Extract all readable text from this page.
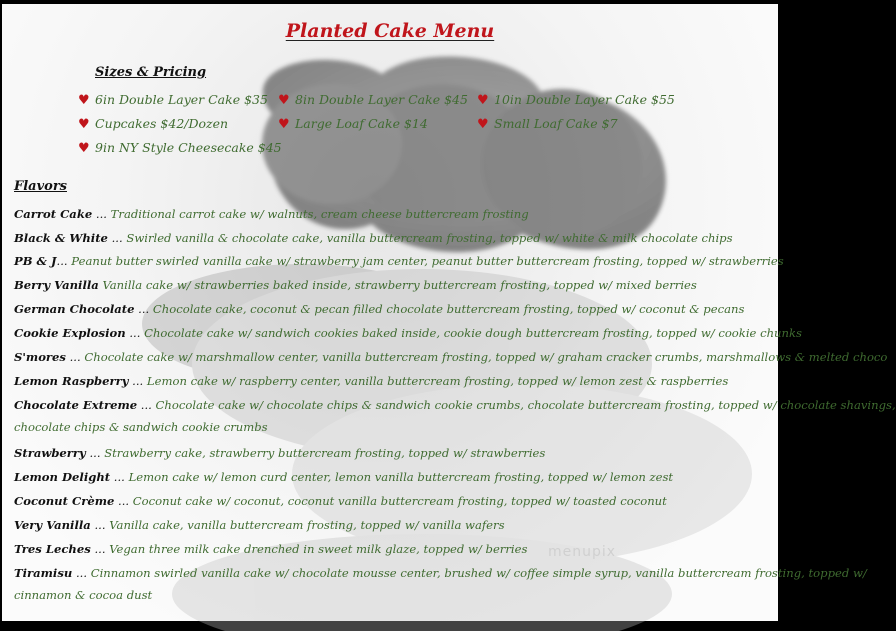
Planted Cake Menu
Sizes & Pricing
♥ 6in Double Layer Cake $35 ♥ 8in Double Layer Cake $45 ♥ 10in Double Layer Cake $55
♥ Cupcakes $42/Dozen	♥ Large Loaf Cake $14	♥ Small Loaf Cake $7
♥ 9in NY Style Cheesecake $45
Flavors
Carrot Cake ... Traditional carrot cake w/ walnuts, cream cheese buttercream frosting
Black & White ... Swirled vanilla & chocolate cake, vanilla buttercream frosting, topped w/ white & milk chocolate chips
PB & J... Peanut butter swirled vanilla cake w/ strawberry jam center, peanut butter buttercream frosting, topped w/ strawberries
Berry Vanilla Vanilla cake w/ strawberries baked inside, strawberry buttercream frosting, topped w/ mixed berries
German Chocolate ... Chocolate cake, coconut & pecan filled chocolate buttercream frosting, topped w/ coconut & pecans
Cookie Explosion ... Chocolate cake w/ sandwich cookies baked inside, cookie dough buttercream frosting, topped w/ cookie chunks
S'mores ... Chocolate cake w/ marshmallow center, vanilla buttercream frosting, topped w/ graham cracker crumbs, marshmallows & melted choco
Lemon Raspberry ... Lemon cake w/ raspberry center, vanilla buttercream frosting, topped w/ lemon zest & raspberries
Chocolate Extreme ... Chocolate cake w/ chocolate chips & sandwich cookie crumbs, chocolate buttercream frosting, topped w/ chocolate shavings,
chocolate chips & sandwich cookie crumbs
Strawberry ... Strawberry cake, strawberry buttercream frosting, topped w/ strawberries
Lemon Delight ... Lemon cake w/ lemon curd center, lemon vanilla buttercream frosting, topped w/ lemon zest
Coconut Crème ... Coconut cake w/ coconut, coconut vanilla buttercream frosting, topped w/ toasted coconut
Very Vanilla ... Vanilla cake, vanilla buttercream frosting, topped w/ vanilla wafers
Tres Leches ... Vegan three milk cake drenched in sweet milk glaze, topped w/ berries
Tiramisu ... Cinnamon swirled vanilla cake w/ chocolate mousse center, brushed w/ coffee simple syrup, vanilla buttercream frosting, topped w/
cinnamon & cocoa dust
menupix
